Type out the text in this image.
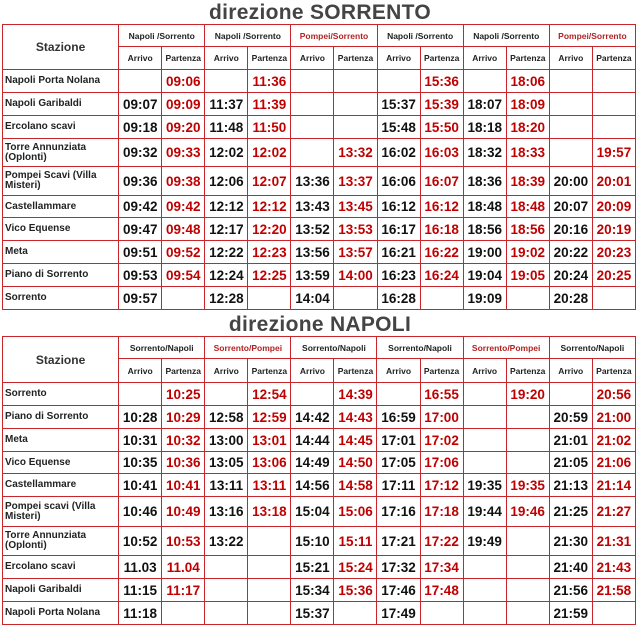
direzione SORRENTO
Stazione	Napoli /Sorrento		Napoli /Sorrento		Pompei/Sorrento		Napoli /Sorrento		Napoli /Sorrento		Pompei/Sorrento	
	Arrivo	Partenza	Arrivo	Partenza	Arrivo	Partenza	Arrivo	Partenza	Arrivo	Partenza	Arrivo	Partenza
Napoli Porta Nolana		09:06		11:36				15:36		18:06		
Napoli Garibaldi	09:07	09:09	11:37	11:39			15:37	15:39	18:07	18:09		
Ercolano scavi	09:18	09:20	11:48	11:50			15:48	15:50	18:18	18:20		
Torre Annunziata (Oplonti)	09:32	09:33	12:02	12:02		13:32	16:02	16:03	18:32	18:33		19:57
Pompei Scavi (Villa Misteri)	09:36	09:38	12:06	12:07	13:36	13:37	16:06	16:07	18:36	18:39	20:00	20:01
Castellammare	09:42	09:42	12:12	12:12	13:43	13:45	16:12	16:12	18:48	18:48	20:07	20:09
Vico Equense	09:47	09:48	12:17	12:20	13:52	13:53	16:17	16:18	18:56	18:56	20:16	20:19
Meta	09:51	09:52	12:22	12:23	13:56	13:57	16:21	16:22	19:00	19:02	20:22	20:23
Piano di Sorrento	09:53	09:54	12:24	12:25	13:59	14:00	16:23	16:24	19:04	19:05	20:24	20:25
Sorrento	09:57		12:28		14:04		16:28		19:09		20:28	
direzione NAPOLI
Stazione	Sorrento/Napoli		Sorrento/Pompei		Sorrento/Napoli		Sorrento/Napoli		Sorrento/Pompei		Sorrento/Napoli	
	Arrivo	Partenza	Arrivo	Partenza	Arrivo	Partenza	Arrivo	Partenza	Arrivo	Partenza	Arrivo	Partenza
Sorrento		10:25		12:54		14:39		16:55		19:20		20:56
Piano di Sorrento	10:28	10:29	12:58	12:59	14:42	14:43	16:59	17:00			20:59	21:00
Meta	10:31	10:32	13:00	13:01	14:44	14:45	17:01	17:02			21:01	21:02
Vico Equense	10:35	10:36	13:05	13:06	14:49	14:50	17:05	17:06			21:05	21:06
Castellammare	10:41	10:41	13:11	13:11	14:56	14:58	17:11	17:12	19:35	19:35	21:13	21:14
Pompei scavi (Villa Misteri)	10:46	10:49	13:16	13:18	15:04	15:06	17:16	17:18	19:44	19:46	21:25	21:27
Torre Annunziata (Oplonti)	10:52	10:53	13:22		15:10	15:11	17:21	17:22	19:49		21:30	21:31
Ercolano scavi	11.03	11.04			15:21	15:24	17:32	17:34			21:40	21:43
Napoli Garibaldi	11:15	11:17			15:34	15:36	17:46	17:48			21:56	21:58
Napoli Porta Nolana	11:18				15:37		17:49				21:59	
